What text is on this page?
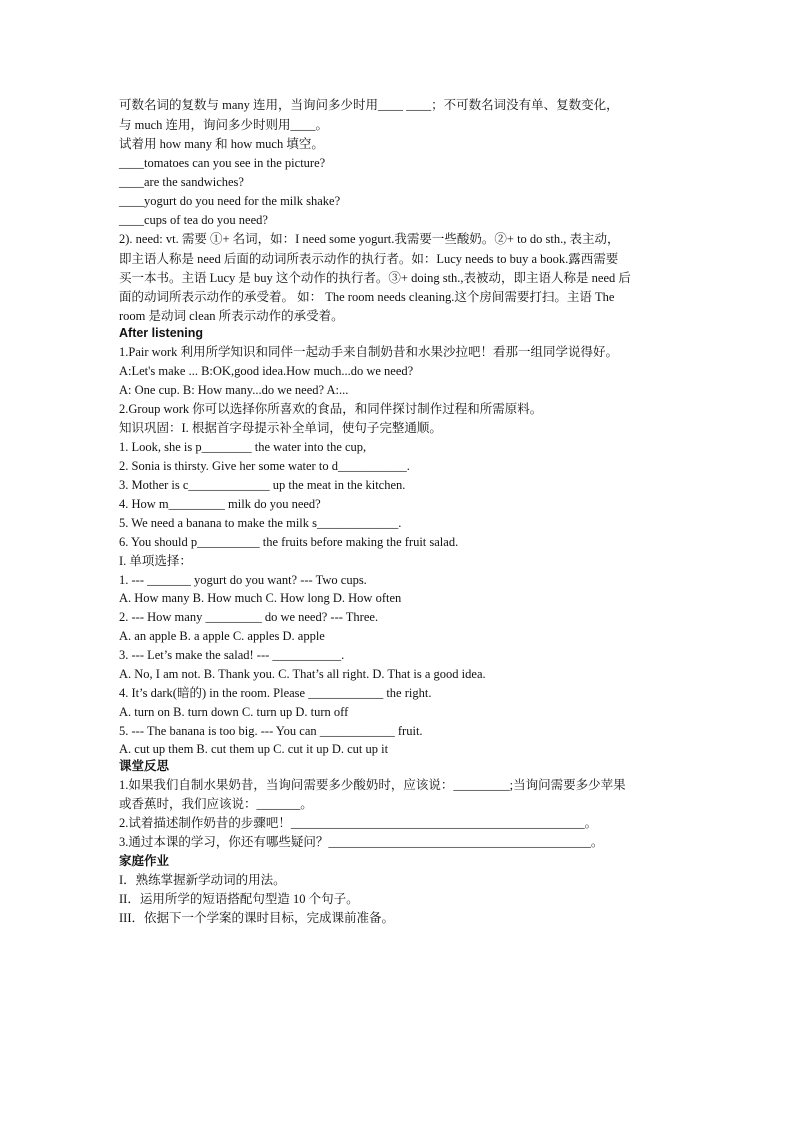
可数名词的复数与 many 连用，当询问多少时用____ ____；不可数名词没有单、复数变化，
与 much 连用，询问多少时则用____。
试着用 how many 和 how much 填空。
____tomatoes can you see in the picture?
____are the sandwiches?
____yogurt do you need for the milk shake?
____cups of tea do you need?
2). need: vt. 需要 ①+ 名词，如：I need some yogurt.我需要一些酸奶。②+ to do sth., 表主动，
即主语人称是 need 后面的动词所表示动作的执行者。如：Lucy needs to buy a book.露西需要
买一本书。主语 Lucy 是 buy 这个动作的执行者。③+ doing sth.,表被动，即主语人称是 need 后
面的动词所表示动作的承受着。 如： The room needs cleaning.这个房间需要打扫。主语 The
room 是动词 clean 所表示动作的承受着。
After listening
1.Pair work 利用所学知识和同伴一起动手来自制奶昔和水果沙拉吧！看那一组同学说得好。
A:Let's make ... B:OK,good idea.How much...do we need?
A: One cup. B: How many...do we need? A:...
2.Group work 你可以选择你所喜欢的食品，和同伴探讨制作过程和所需原料。
知识巩固：I. 根据首字母提示补全单词，使句子完整通顺。
1. Look, she is p________ the water into the cup,
2. Sonia is thirsty. Give her some water to d___________.
3. Mother is c_____________ up the meat in the kitchen.
4. How m_________ milk do you need?
5. We need a banana to make the milk s_____________.
6. You should p__________ the fruits before making the fruit salad.
I. 单项选择：
1. --- _______ yogurt do you want? --- Two cups.
A. How many B. How much C. How long D. How often
2. --- How many _________ do we need? --- Three.
A. an apple B. a apple C. apples D. apple
3. --- Let’s make the salad! --- ___________.
A. No, I am not. B. Thank you. C. That’s all right. D. That is a good idea.
4. It’s dark(暗的) in the room. Please ____________ the right.
A. turn on B. turn down C. turn up D. turn off
5. --- The banana is too big. --- You can ____________ fruit.
A. cut up them B. cut them up C. cut it up D. cut up it
课堂反思
1.如果我们自制水果奶昔，当询问需要多少酸奶时，应该说：_________;当询问需要多少苹果
或香蕉时，我们应该说：_______。
2.试着描述制作奶昔的步骤吧！_______________________________________________。
3.通过本课的学习，你还有哪些疑问？__________________________________________。
家庭作业
I．熟练掌握新学动词的用法。
II．运用所学的短语搭配句型造 10 个句子。
III．依据下一个学案的课时目标，完成课前准备。
